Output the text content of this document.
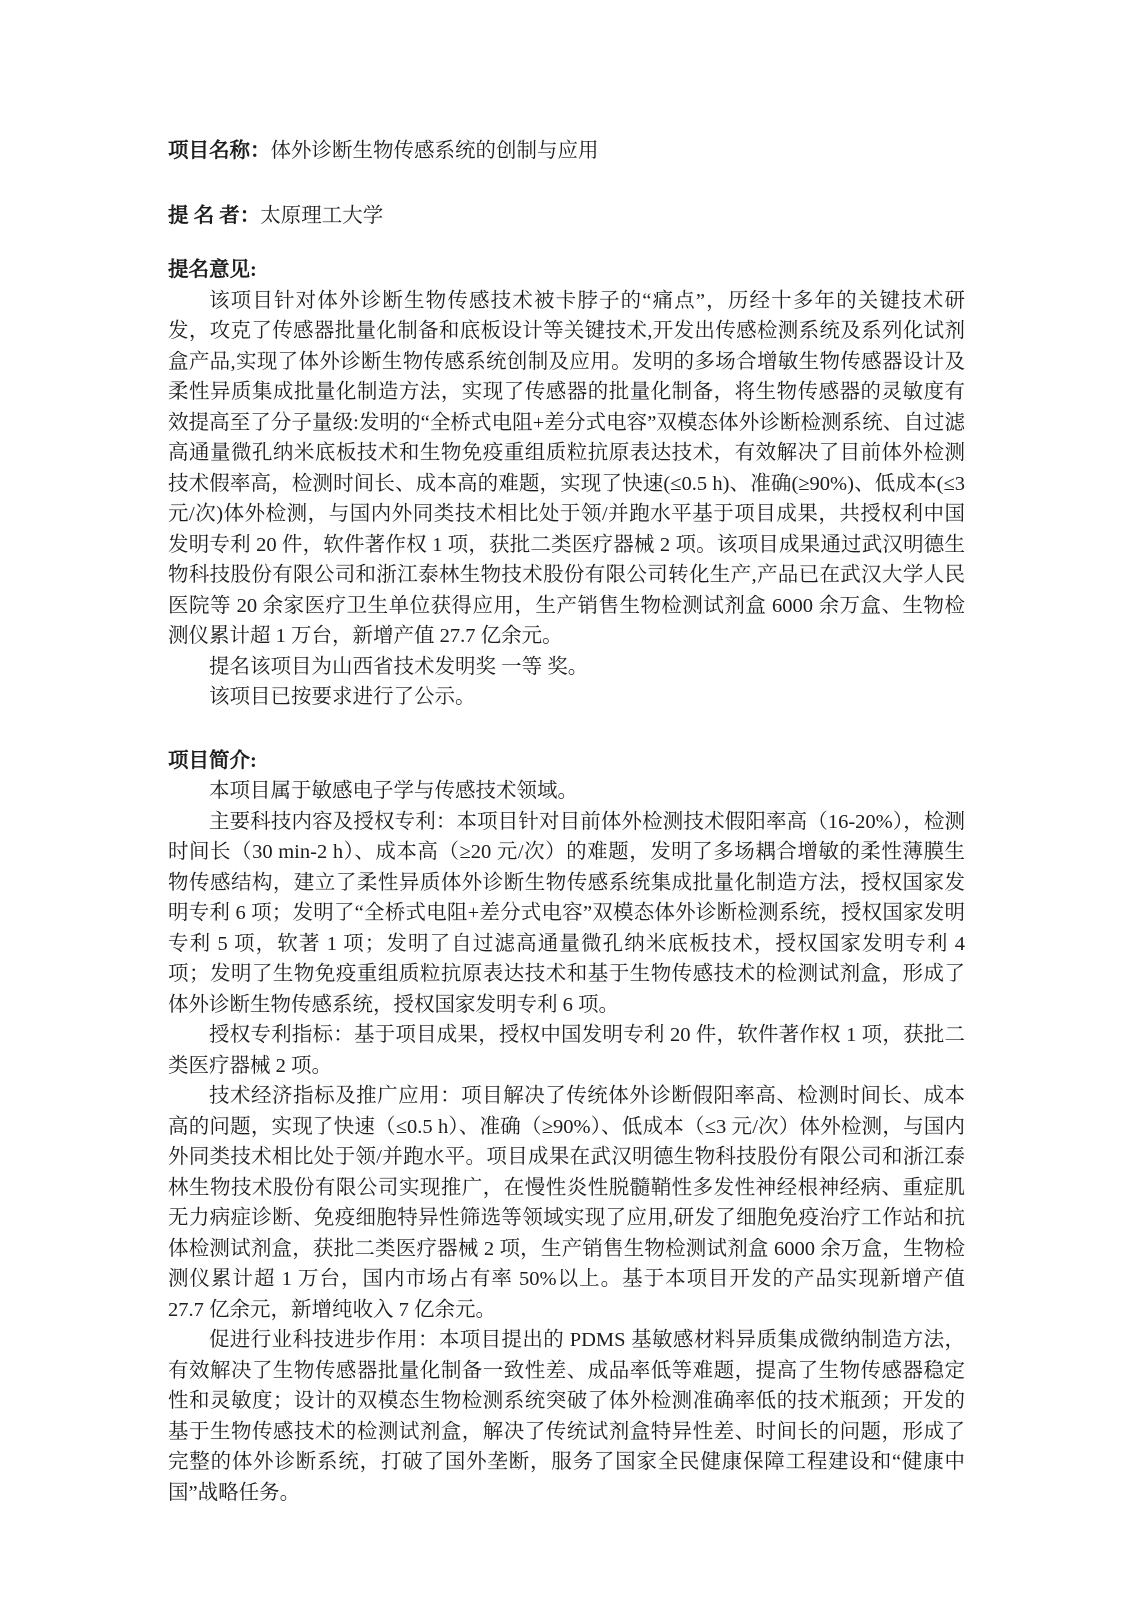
项目名称：体外诊断生物传感系统的创制与应用

提 名 者：太原理工大学

提名意见:

该项目针对体外诊断生物传感技术被卡脖子的“痛点”，历经十多年的关键技术研发，攻克了传感器批量化制备和底板设计等关键技术,开发出传感检测系统及系列化试剂盒产品,实现了体外诊断生物传感系统创制及应用。发明的多场合增敏生物传感器设计及柔性异质集成批量化制造方法，实现了传感器的批量化制备，将生物传感器的灵敏度有效提高至了分子量级:发明的“全桥式电阻+差分式电容”双模态体外诊断检测系统、自过滤高通量微孔纳米底板技术和生物免疫重组质粒抗原表达技术，有效解决了目前体外检测技术假率高，检测时间长、成本高的难题，实现了快速(≤0.5 h)、准确(≥90%)、低成本(≤3 元/次)体外检测，与国内外同类技术相比处于领/并跑水平基于项目成果，共授权利中国发明专利 20 件，软件著作权 1 项，获批二类医疗器械 2 项。该项目成果通过武汉明德生物科技股份有限公司和浙江泰林生物技术股份有限公司转化生产,产品已在武汉大学人民医院等 20 余家医疗卫生单位获得应用，生产销售生物检测试剂盒 6000 余万盒、生物检测仪累计超 1 万台，新增产值 27.7 亿余元。

提名该项目为山西省技术发明奖 一等 奖。

该项目已按要求进行了公示。

项目简介:

本项目属于敏感电子学与传感技术领域。

主要科技内容及授权专利：本项目针对目前体外检测技术假阳率高（16-20%），检测时间长（30 min-2 h）、成本高（≥20 元/次）的难题，发明了多场耦合增敏的柔性薄膜生物传感结构，建立了柔性异质体外诊断生物传感系统集成批量化制造方法，授权国家发明专利 6 项；发明了“全桥式电阻+差分式电容”双模态体外诊断检测系统，授权国家发明专利 5 项，软著 1 项；发明了自过滤高通量微孔纳米底板技术，授权国家发明专利 4 项；发明了生物免疫重组质粒抗原表达技术和基于生物传感技术的检测试剂盒，形成了体外诊断生物传感系统，授权国家发明专利 6 项。

授权专利指标：基于项目成果，授权中国发明专利 20 件，软件著作权 1 项，获批二类医疗器械 2 项。

技术经济指标及推广应用：项目解决了传统体外诊断假阳率高、检测时间长、成本高的问题，实现了快速（≤0.5 h）、准确（≥90%）、低成本（≤3 元/次）体外检测，与国内外同类技术相比处于领/并跑水平。项目成果在武汉明德生物科技股份有限公司和浙江泰林生物技术股份有限公司实现推广，在慢性炎性脱髓鞘性多发性神经根神经病、重症肌无力病症诊断、免疫细胞特异性筛选等领域实现了应用,研发了细胞免疫治疗工作站和抗体检测试剂盒，获批二类医疗器械 2 项，生产销售生物检测试剂盒 6000 余万盒，生物检测仪累计超 1 万台，国内市场占有率 50%以上。基于本项目开发的产品实现新增产值 27.7 亿余元，新增纯收入 7 亿余元。

促进行业科技进步作用：本项目提出的 PDMS 基敏感材料异质集成微纳制造方法，有效解决了生物传感器批量化制备一致性差、成品率低等难题，提高了生物传感器稳定性和灵敏度；设计的双模态生物检测系统突破了体外检测准确率低的技术瓶颈；开发的基于生物传感技术的检测试剂盒，解决了传统试剂盒特异性差、时间长的问题，形成了完整的体外诊断系统，打破了国外垄断，服务了国家全民健康保障工程建设和“健康中国”战略任务。
